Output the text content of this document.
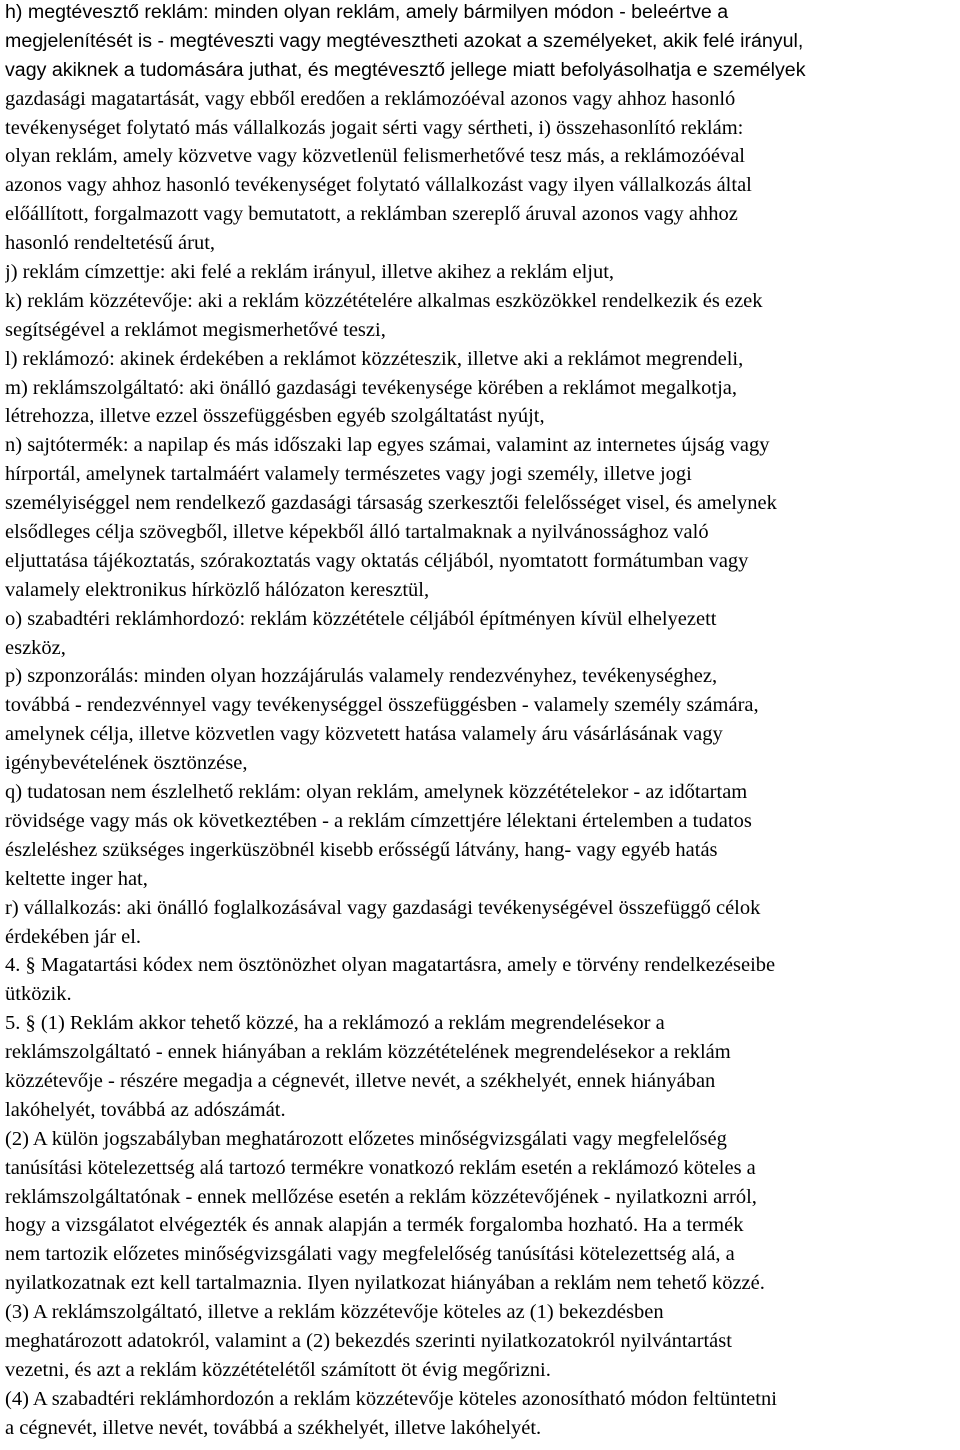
h) megtévesztő reklám: minden olyan reklám, amely bármilyen módon - beleértve a
megjelenítését is - megtéveszti vagy megtévesztheti azokat a személyeket, akik felé irányul,
vagy akiknek a tudomására juthat, és megtévesztő jellege miatt befolyásolhatja e személyek
gazdasági magatartását, vagy ebből eredően a reklámozóéval azonos vagy ahhoz hasonló
tevékenységet folytató más vállalkozás jogait sérti vagy sértheti, i) összehasonlító reklám:
olyan reklám, amely közvetve vagy közvetlenül felismerhetővé tesz más, a reklámozóéval
azonos vagy ahhoz hasonló tevékenységet folytató vállalkozást vagy ilyen vállalkozás által
előállított, forgalmazott vagy bemutatott, a reklámban szereplő áruval azonos vagy ahhoz
hasonló rendeltetésű árut,
j) reklám címzettje: aki felé a reklám irányul, illetve akihez a reklám eljut,
k) reklám közzétevője: aki a reklám közzétételére alkalmas eszközökkel rendelkezik és ezek
segítségével a reklámot megismerhetővé teszi,
l) reklámozó: akinek érdekében a reklámot közzéteszik, illetve aki a reklámot megrendeli,
m) reklámszolgáltató: aki önálló gazdasági tevékenysége körében a reklámot megalkotja,
létrehozza, illetve ezzel összefüggésben egyéb szolgáltatást nyújt,
n) sajtótermék: a napilap és más időszaki lap egyes számai, valamint az internetes újság vagy
hírportál, amelynek tartalmáért valamely természetes vagy jogi személy, illetve jogi
személyiséggel nem rendelkező gazdasági társaság szerkesztői felelősséget visel, és amelynek
elsődleges célja szövegből, illetve képekből álló tartalmaknak a nyilvánossághoz való
eljuttatása tájékoztatás, szórakoztatás vagy oktatás céljából, nyomtatott formátumban vagy
valamely elektronikus hírközlő hálózaton keresztül,
o) szabadtéri reklámhordozó: reklám közzététele céljából építményen kívül elhelyezett
eszköz,
p) szponzorálás: minden olyan hozzájárulás valamely rendezvényhez, tevékenységhez,
továbbá - rendezvénnyel vagy tevékenységgel összefüggésben - valamely személy számára,
amelynek célja, illetve közvetlen vagy közvetett hatása valamely áru vásárlásának vagy
igénybevételének ösztönzése,
q) tudatosan nem észlelhető reklám: olyan reklám, amelynek közzétételekor - az időtartam
rövidsége vagy más ok következtében - a reklám címzettjére lélektani értelemben a tudatos
észleléshez szükséges ingerküszöbnél kisebb erősségű látvány, hang- vagy egyéb hatás
keltette inger hat,
r) vállalkozás: aki önálló foglalkozásával vagy gazdasági tevékenységével összefüggő célok
érdekében jár el.
4. § Magatartási kódex nem ösztönözhet olyan magatartásra, amely e törvény rendelkezéseibe
ütközik.
5. § (1) Reklám akkor tehető közzé, ha a reklámozó a reklám megrendelésekor a
reklámszolgáltató - ennek hiányában a reklám közzétételének megrendelésekor a reklám
közzétevője - részére megadja a cégnevét, illetve nevét, a székhelyét, ennek hiányában
lakóhelyét, továbbá az adószámát.
(2) A külön jogszabályban meghatározott előzetes minőségvizsgálati vagy megfelelőség
tanúsítási kötelezettség alá tartozó termékre vonatkozó reklám esetén a reklámozó köteles a
reklámszolgáltatónak - ennek mellőzése esetén a reklám közzétevőjének - nyilatkozni arról,
hogy a vizsgálatot elvégezték és annak alapján a termék forgalomba hozható. Ha a termék
nem tartozik előzetes minőségvizsgálati vagy megfelelőség tanúsítási kötelezettség alá, a
nyilatkozatnak ezt kell tartalmaznia. Ilyen nyilatkozat hiányában a reklám nem tehető közzé.
(3) A reklámszolgáltató, illetve a reklám közzétevője köteles az (1) bekezdésben
meghatározott adatokról, valamint a (2) bekezdés szerinti nyilatkozatokról nyilvántartást
vezetni, és azt a reklám közzétételétől számított öt évig megőrizni.
(4) A szabadtéri reklámhordozón a reklám közzétevője köteles azonosítható módon feltüntetni
a cégnevét, illetve nevét, továbbá a székhelyét, illetve lakóhelyét.
